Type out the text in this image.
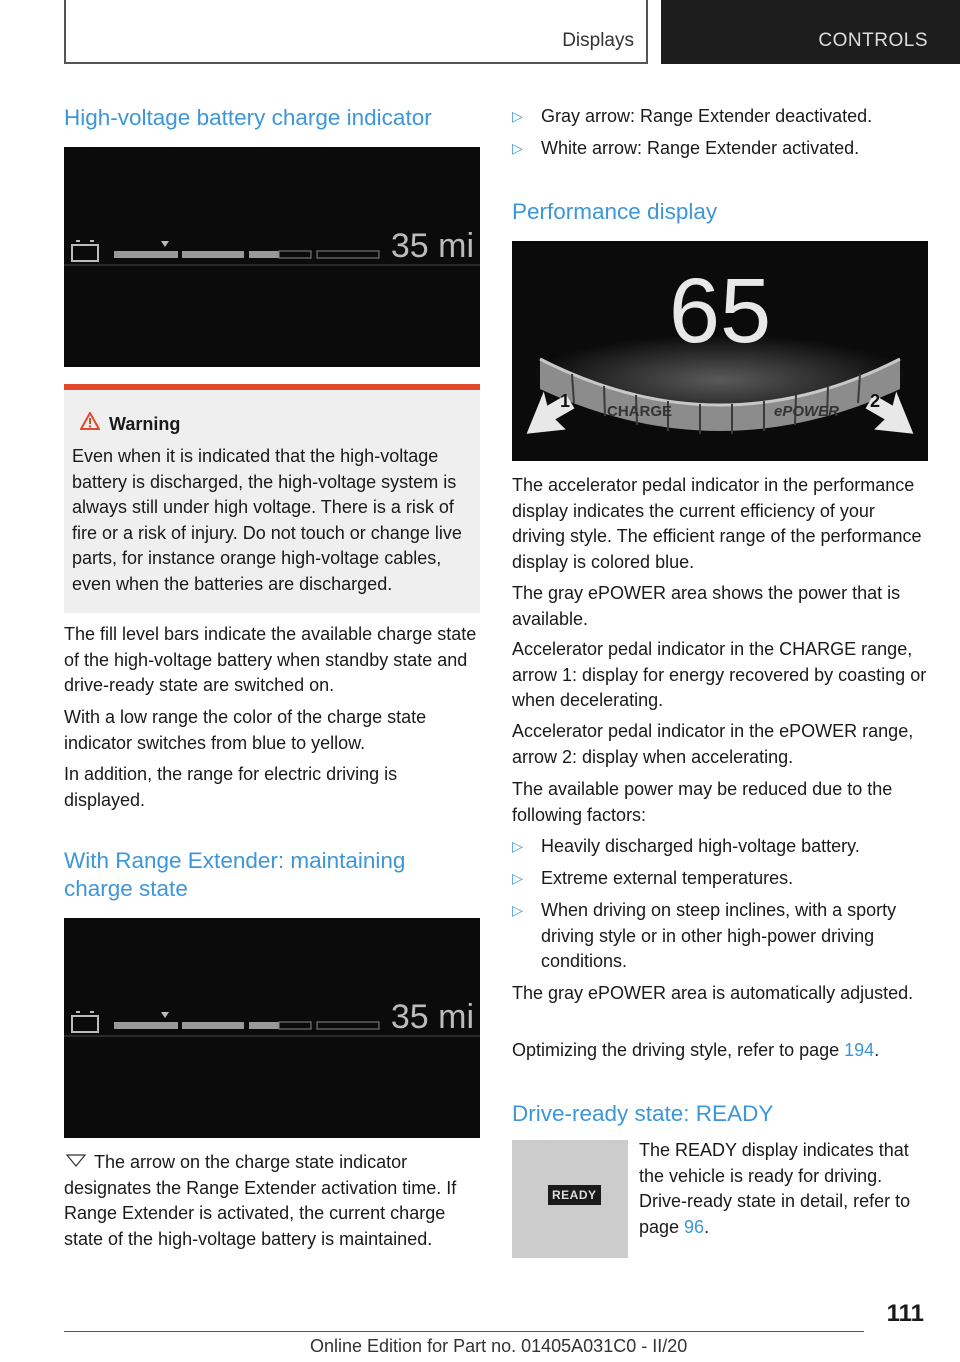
Displays	CONTROLS
High-voltage battery charge indicator
35 mi
Warning
Even when it is indicated that the high-voltage battery is discharged, the high-voltage system is always still under high voltage. There is a risk of fire or a risk of injury. Do not touch or change live parts, for instance orange high-voltage cables, even when the batteries are discharged.

The fill level bars indicate the available charge state of the high-voltage battery when standby state and drive-ready state are switched on.

With a low range the color of the charge state indicator switches from blue to yellow.

In addition, the range for electric driving is displayed.

With Range Extender: maintaining charge state
35 mi

The arrow on the charge state indicator designates the Range Extender activation time. If Range Extender is activated, the current charge state of the high-voltage battery is maintained.

▷ Gray arrow: Range Extender deactivated.
▷ White arrow: Range Extender activated.
Performance display
65
CHARGE	ePOWER
1	2

The accelerator pedal indicator in the performance display indicates the current efficiency of your driving style. The efficient range of the performance display is colored blue.

The gray ePOWER area shows the power that is available.

Accelerator pedal indicator in the CHARGE range, arrow 1: display for energy recovered by coasting or when decelerating.

Accelerator pedal indicator in the ePOWER range, arrow 2: display when accelerating.

The available power may be reduced due to the following factors:

▷ Heavily discharged high-voltage battery.
▷ Extreme external temperatures.
▷ When driving on steep inclines, with a sporty driving style or in other high-power driving conditions.

The gray ePOWER area is automatically adjusted.

Optimizing the driving style, refer to page 194.

Drive-ready state: READY
READY

The READY display indicates that the vehicle is ready for driving. Drive-ready state in detail, refer to page 96.

111
Online Edition for Part no. 01405A031C0 - II/20
